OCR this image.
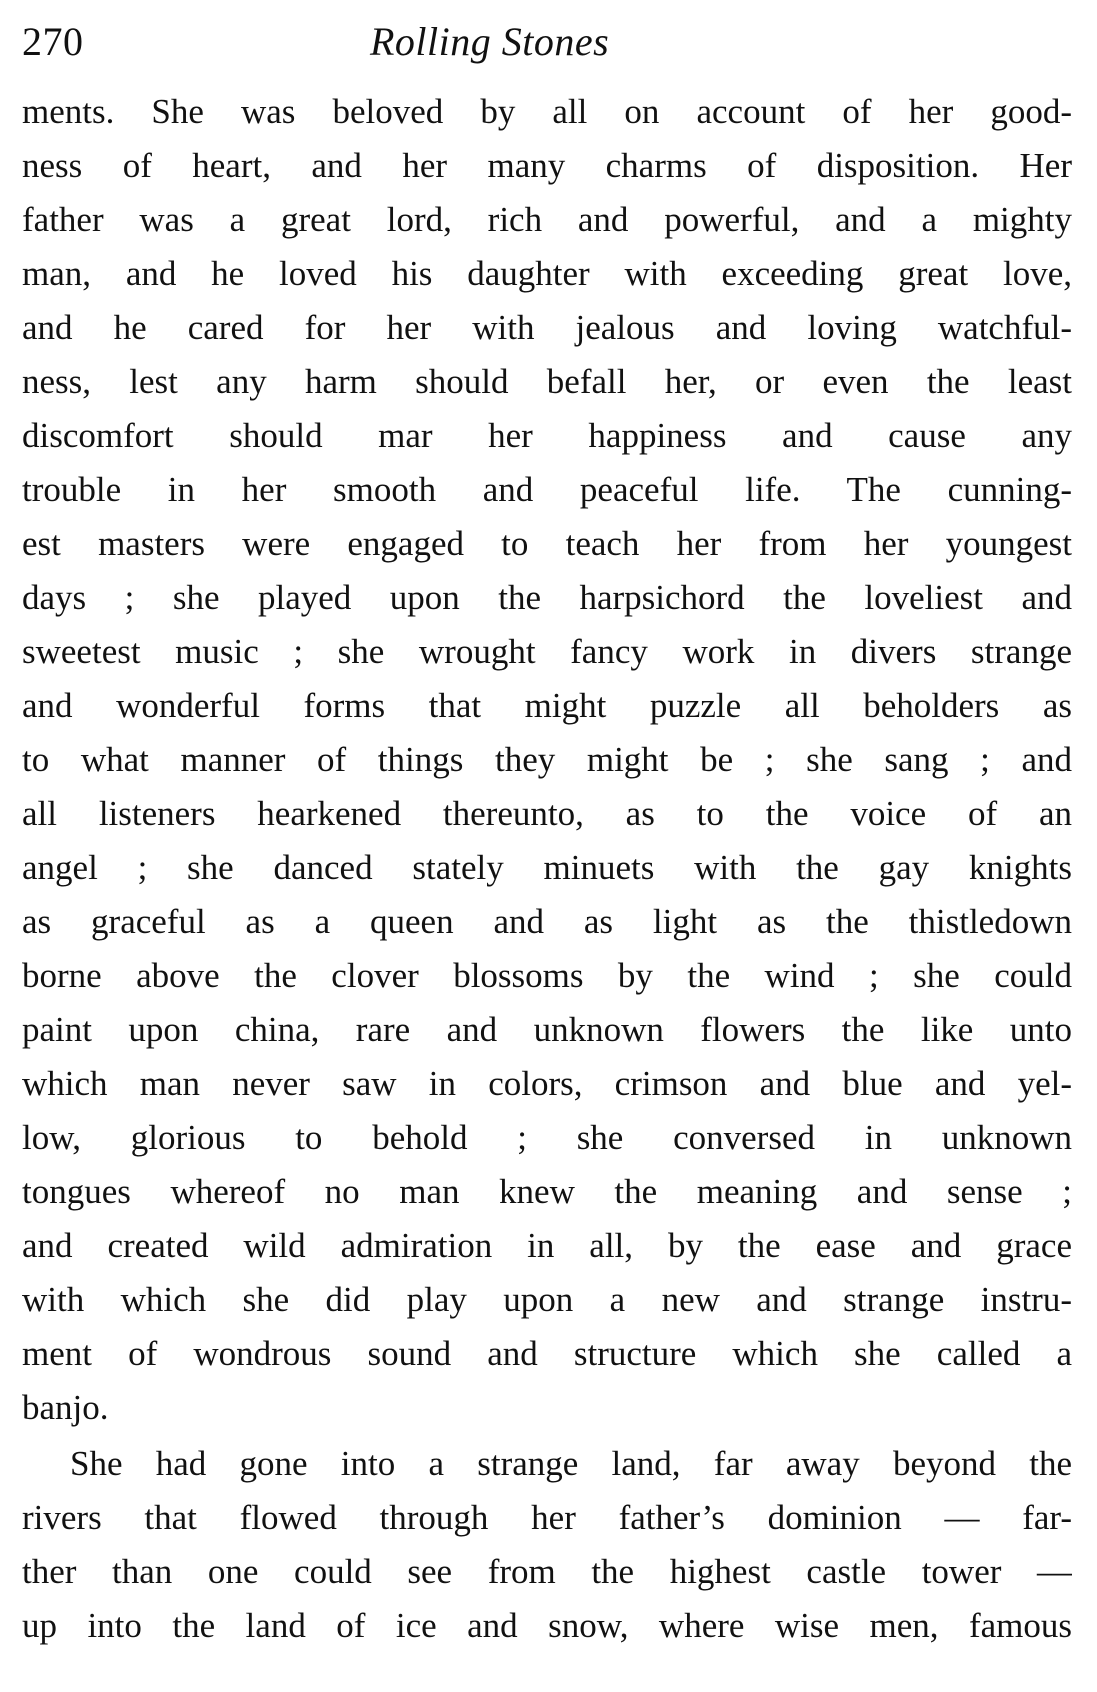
270	Rolling Stones
ments. She was beloved by all on account of her good-
ness of heart, and her many charms of disposition. Her
father was a great lord, rich and powerful, and a mighty
man, and he loved his daughter with exceeding great love,
and he cared for her with jealous and loving watchful-
ness, lest any harm should befall her, or even the least
discomfort should mar her happiness and cause any
trouble in her smooth and peaceful life. The cunning-
est masters were engaged to teach her from her youngest
days ; she played upon the harpsichord the loveliest and
sweetest music ; she wrought fancy work in divers strange
and wonderful forms that might puzzle all beholders as
to what manner of things they might be ; she sang ; and
all listeners hearkened thereunto, as to the voice of an
angel ; she danced stately minuets with the gay knights
as graceful as a queen and as light as the thistledown
borne above the clover blossoms by the wind ; she could
paint upon china, rare and unknown flowers the like unto
which man never saw in colors, crimson and blue and yel-
low, glorious to behold ; she conversed in unknown
tongues whereof no man knew the meaning and sense ;
and created wild admiration in all, by the ease and grace
with which she did play upon a new and strange instru-
ment of wondrous sound and structure which she called a
banjo.
She had gone into a strange land, far away beyond the
rivers that flowed through her father’s dominion — far-
ther than one could see from the highest castle tower —
up into the land of ice and snow, where wise men, famous
